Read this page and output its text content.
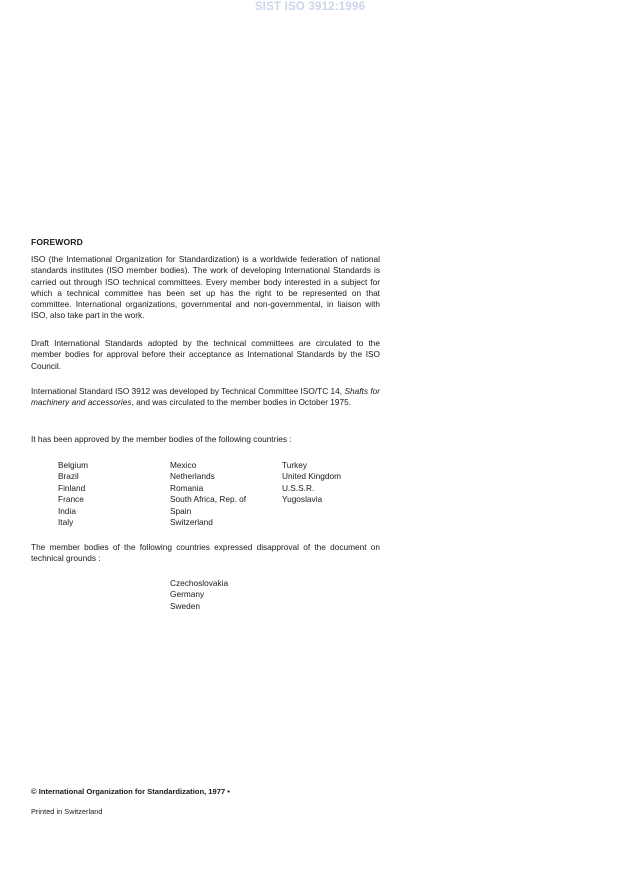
SIST ISO 3912:1996
FOREWORD

ISO (the International Organization for Standardization) is a worldwide federation of national standards institutes (ISO member bodies). The work of developing International Standards is carried out through ISO technical committees. Every member body interested in a subject for which a technical committee has been set up has the right to be represented on that committee. International organizations, governmental and non-governmental, in liaison with ISO, also take part in the work.

Draft International Standards adopted by the technical committees are circulated to the member bodies for approval before their acceptance as International Standards by the ISO Council.

International Standard ISO 3912 was developed by Technical Committee ISO/TC 14, Shafts for machinery and accessories, and was circulated to the member bodies in October 1975.

It has been approved by the member bodies of the following countries :

Belgium
Brazil
Finland
France
India
Italy
Mexico
Netherlands
Romania
South Africa, Rep. of
Spain
Switzerland
Turkey
United Kingdom
U.S.S.R.
Yugoslavia

The member bodies of the following countries expressed disapproval of the document on technical grounds :

Czechoslovakia
Germany
Sweden
© International Organization for Standardization, 1977 •
Printed in Switzerland
